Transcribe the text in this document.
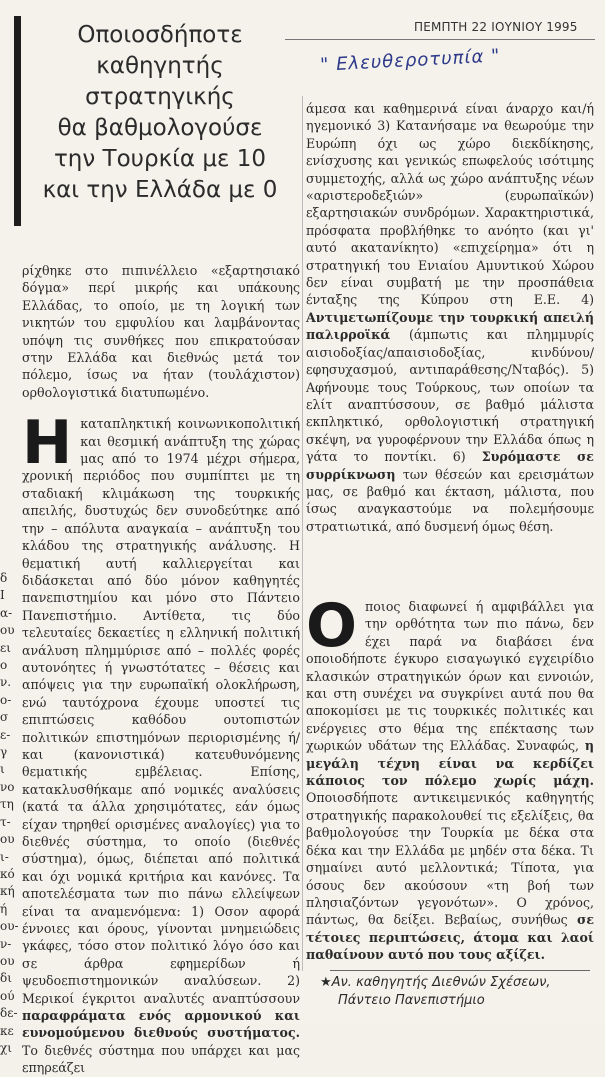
Οποιοσδήποτε
καθηγητής
στρατηγικής
θα βαθμολογούσε
την Τουρκία με 10
και την Ελλάδα με 0
ΠΕΜΠΤΗ 22 ΙΟΥΝΙΟΥ 1995
" Ελευθεροτυπία "
δ
Ι
α-
ου
ει
ο
ν.
ο-
σ
ε-
γ
ι
νο
τη
τ-
ου
ι-
κό
κή
ή
ου-
ν-
ου
δι
ού
δε-
κε
χι

ρίχθηκε στο πιπινέλλειο «εξαρτησιακό δόγμα» περί μικρής και υπάκουης Ελλάδας, το οποίο, με τη λογική των νικητών του εμφυλίου και λαμβάνοντας υπόψη τις συνθήκες που επικρατούσαν στην Ελλάδα και διεθνώς μετά τον πόλεμο, ίσως να ήταν (τουλάχιστον) ορθολογιστικά διατυπωμένο.

Η καταπληκτική κοινωνικοπολιτική και θεσμική ανάπτυξη της χώρας μας από το 1974 μέχρι σήμερα, χρονική περιόδος που συμπίπτει με τη σταδιακή κλιμάκωση της τουρκικής απειλής, δυστυχώς δεν συνοδεύτηκε από την – απόλυτα αναγκαία – ανάπτυξη του κλάδου της στρατηγικής ανάλυσης. Η θεματική αυτή καλλιεργείται και διδάσκεται από δύο μόνον καθηγητές πανεπιστημίου και μόνο στο Πάντειο Πανεπιστήμιο. Αντίθετα, τις δύο τελευταίες δεκαετίες η ελληνική πολιτική ανάλυση πλημμύρισε από – πολλές φορές αυτονόητες ή γνωστότατες – θέσεις και απόψεις για την ευρωπαϊκή ολοκλήρωση, ενώ ταυτόχρονα έχουμε υποστεί τις επιπτώσεις καθόδου ουτοπιστών πολιτικών επιστημόνων περιορισμένης ή/και (κανονιστικά) κατευθυνόμενης θεματικής εμβέλειας. Επίσης, κατακλυσθήκαμε από νομικές αναλύσεις (κατά τα άλλα χρησιμότατες, εάν όμως είχαν τηρηθεί ορισμένες αναλογίες) για το διεθνές σύστημα, το οποίο (διεθνές σύστημα), όμως, διέπεται από πολιτικά και όχι νομικά κριτήρια και κανόνες. Τα αποτελέσματα των πιο πάνω ελλείψεων είναι τα αναμενόμενα: 1) Οσον αφορά έννοιες και όρους, γίνονται μνημειώδεις γκάφες, τόσο στον πολιτικό λόγο όσο και σε άρθρα εφημερίδων ή ψευδοεπιστημονικών αναλύσεων. 2) Μερικοί έγκριτοι αναλυτές αναπτύσσουν παραφράματα ενός αρμονικού και ευνομούμενου διεθνούς συστήματος. Το διεθνές σύστημα που υπάρχει και μας επηρεάζει

άμεσα και καθημερινά είναι άναρχο και/ή ηγεμονικό 3) Κατανήσαμε να θεωρούμε την Ευρώπη όχι ως χώρο διεκδίκησης, ενίσχυσης και γενικώς επωφελούς ισότιμης συμμετοχής, αλλά ως χώρο ανάπτυξης νέων «αριστεροδεξιών» (ευρωπαϊκών) εξαρτησιακών συνδρόμων. Χαρακτηριστικά, πρόσφατα προβλήθηκε το ανόητο (και γι' αυτό ακατανίκητο) «επιχείρημα» ότι η στρατηγική του Ενιαίου Αμυντικού Χώρου δεν είναι συμβατή με την προσπάθεια ένταξης της Κύπρου στη Ε.Ε. 4) Αντιμετωπίζουμε την τουρκική απειλή παλιρροϊκά (άμπωτις και πλημμυρίς αισιοδοξίας/απαισιοδοξίας, κινδύνου/εφησυχασμού, αντιπαράθεσης/Νταβός). 5) Αφήνουμε τους Τούρκους, των οποίων τα ελίτ αναπτύσσουν, σε βαθμό μάλιστα εκπληκτικό, ορθολογιστική στρατηγική σκέψη, να γυροφέρνουν την Ελλάδα όπως η γάτα το ποντίκι. 6) Συρόμαστε σε συρρίκνωση των θέσεών και ερεισμάτων μας, σε βαθμό και έκταση, μάλιστα, που ίσως αναγκαστούμε να πολεμήσουμε στρατιωτικά, από δυσμενή όμως θέση.

Ο ποιος διαφωνεί ή αμφιβάλλει για την ορθότητα των πιο πάνω, δεν έχει παρά να διαβάσει ένα οποιοδήποτε έγκυρο εισαγωγικό εγχειρίδιο κλασικών στρατηγικών όρων και εννοιών, και στη συνέχει να συγκρίνει αυτά που θα αποκομίσει με τις τουρκικές πολιτικές και ενέργειες στο θέμα της επέκτασης των χωρικών υδάτων της Ελλάδας. Συναφώς, η μεγάλη τέχνη είναι να κερδίζει κάποιος τον πόλεμο χωρίς μάχη. Οποιοσδήποτε αντικειμενικός καθηγητής στρατηγικής παρακολουθεί τις εξελίξεις, θα βαθμολογούσε την Τουρκία με δέκα στα δέκα και την Ελλάδα με μηδέν στα δέκα. Τι σημαίνει αυτό μελλοντικά; Τίποτα, για όσους δεν ακούσουν «τη βοή των πλησιαζόντων γεγονότων». Ο χρόνος, πάντως, θα δείξει. Βεβαίως, συνήθως σε τέτοιες περιπτώσεις, άτομα και λαοί παθαίνουν αυτό που τους αξίζει.

★Αν. καθηγητής Διεθνών Σχέσεων,
Πάντειο Πανεπιστήμιο
